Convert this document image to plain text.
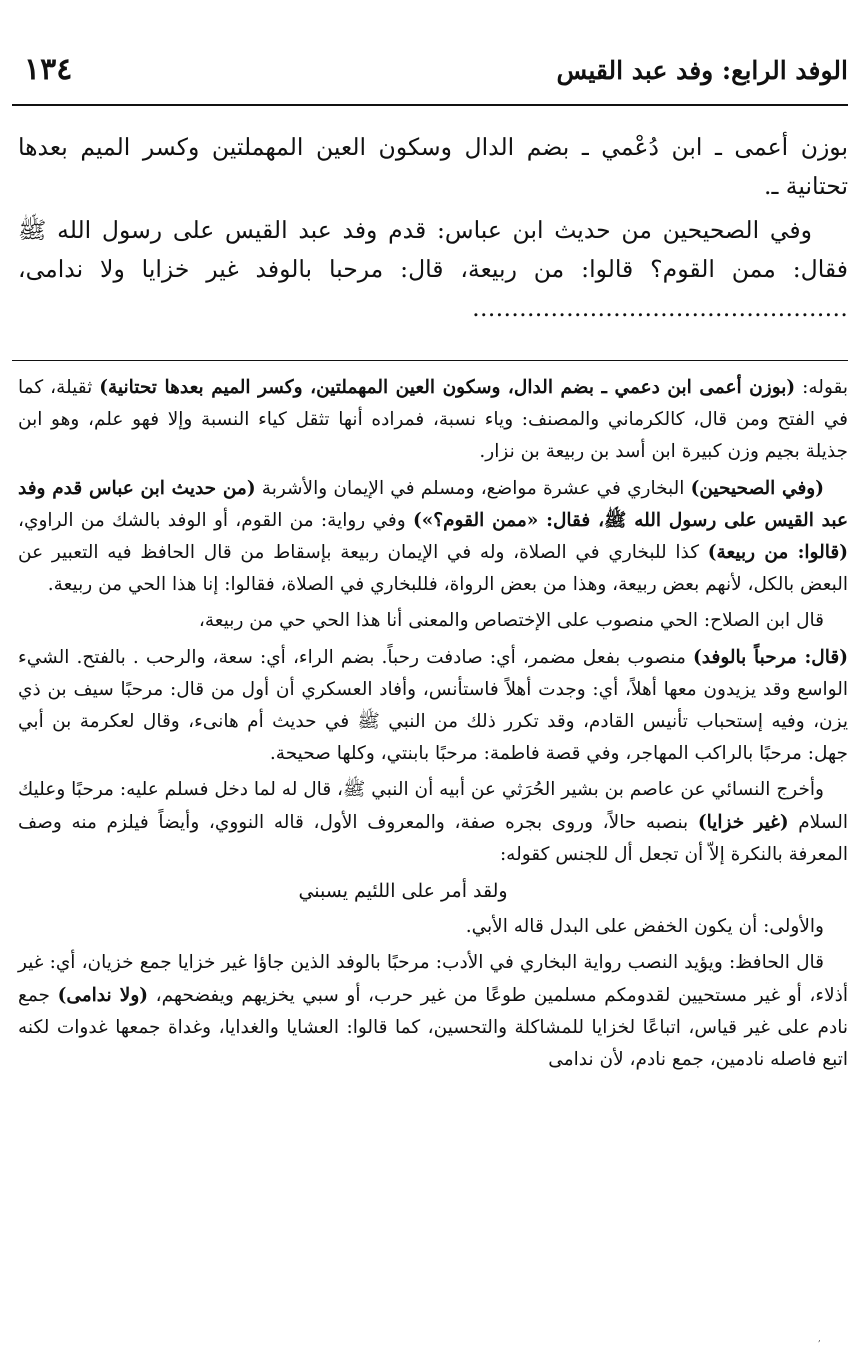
الوفد الرابع: وفد عبد القيس
١٣٤

بوزن أعمى ـ ابن دُعْمي ـ بضم الدال وسكون العين المهملتين وكسر الميم بعدها تحتانية ـ.

وفي الصحيحين من حديث ابن عباس: قدم وفد عبد القيس على رسول الله ﷺ فقال: ممن القوم؟ قالوا: من ربيعة، قال: مرحبا بالوفد غير خزايا ولا ندامى، …………………………………………

بقوله: (بوزن أعمى ابن دعمي ـ بضم الدال، وسكون العين المهملتين، وكسر الميم بعدها تحتانية) ثقيلة، كما في الفتح ومن قال، كالكرماني والمصنف: وياء نسبة، فمراده أنها تثقل كياء النسبة وإلا فهو علم، وهو ابن جذيلة بجيم وزن كبيرة ابن أسد بن ربيعة بن نزار.

(وفي الصحيحين) البخاري في عشرة مواضع، ومسلم في الإيمان والأشربة (من حديث ابن عباس قدم وفد عبد القيس على رسول الله ﷺ، فقال: «ممن القوم؟») وفي رواية: من القوم، أو الوفد بالشك من الراوي، (قالوا: من ربيعة) كذا للبخاري في الصلاة، وله في الإيمان ربيعة بإسقاط من قال الحافظ فيه التعبير عن البعض بالكل، لأنهم بعض ربيعة، وهذا من بعض الرواة، فللبخاري في الصلاة، فقالوا: إنا هذا الحي من ربيعة.

قال ابن الصلاح: الحي منصوب على الإختصاص والمعنى أنا هذا الحي حي من ربيعة،

(قال: مرحباً بالوفد) منصوب بفعل مضمر، أي: صادفت رحباً. بضم الراء، أي: سعة، والرحب . بالفتح. الشيء الواسع وقد يزيدون معها أهلاً، أي: وجدت أهلاً فاستأنس، وأفاد العسكري أن أول من قال: مرحبًا سيف بن ذي يزن، وفيه إستحباب تأنيس القادم، وقد تكرر ذلك من النبي ﷺ في حديث أم هانىء، وقال لعكرمة بن أبي جهل: مرحبًا بالراكب المهاجر، وفي قصة فاطمة: مرحبًا بابنتي، وكلها صحيحة.

وأخرج النسائي عن عاصم بن بشير الحُرَثي عن أبيه أن النبي ﷺ، قال له لما دخل فسلم عليه: مرحبًا وعليك السلام (غير خزايا) بنصبه حالاً، وروى بجره صفة، والمعروف الأول، قاله النووي، وأيضاً فيلزم منه وصف المعرفة بالنكرة إلاّ أن تجعل أل للجنس كقوله:

ولقد أمر على اللئيم يسبني

والأولى: أن يكون الخفض على البدل قاله الأبي.

قال الحافظ: ويؤيد النصب رواية البخاري في الأدب: مرحبًا بالوفد الذين جاؤا غير خزايا جمع خزيان، أي: غير أذلاء، أو غير مستحيين لقدومكم مسلمين طوعًا من غير حرب، أو سبي يخزيهم ويفضحهم، (ولا ندامى) جمع نادم على غير قياس، اتباعًا لخزايا للمشاكلة والتحسين، كما قالوا: العشايا والغدايا، وغداة جمعها غدوات لكنه اتبع فاصله نادمين، جمع نادم، لأن ندامى

,
